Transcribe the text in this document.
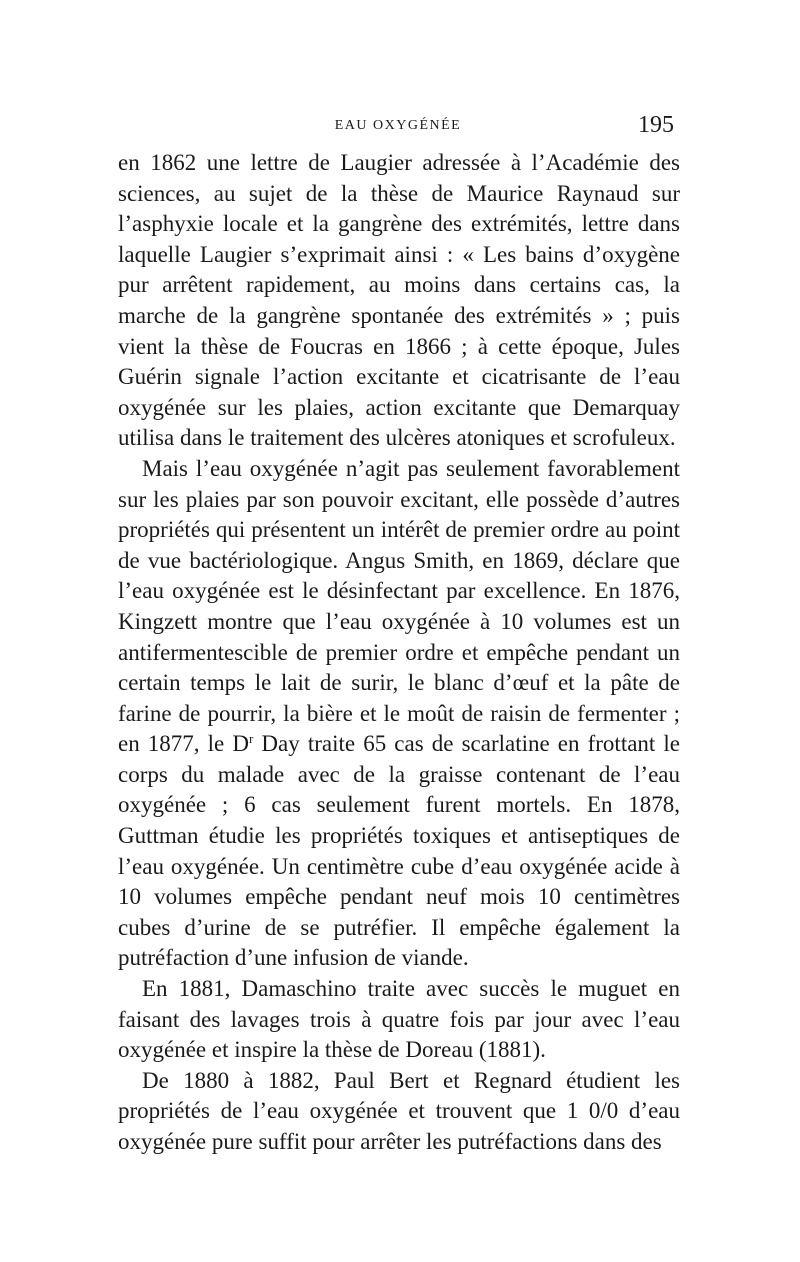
EAU OXYGÉNÉE	195

en 1862 une lettre de Laugier adressée à l’Académie des sciences, au sujet de la thèse de Maurice Raynaud sur l’asphyxie locale et la gangrène des extrémités, lettre dans laquelle Laugier s’exprimait ainsi : « Les bains d’oxygène pur arrêtent rapidement, au moins dans certains cas, la marche de la gangrène spontanée des extrémités » ; puis vient la thèse de Foucras en 1866 ; à cette époque, Jules Guérin signale l’action excitante et cicatrisante de l’eau oxygénée sur les plaies, action excitante que Demarquay utilisa dans le traitement des ulcères atoniques et scrofuleux.

Mais l’eau oxygénée n’agit pas seulement favorablement sur les plaies par son pouvoir excitant, elle possède d’autres propriétés qui présentent un intérêt de premier ordre au point de vue bactériologique. Angus Smith, en 1869, déclare que l’eau oxygénée est le désinfectant par excellence. En 1876, Kingzett montre que l’eau oxygénée à 10 volumes est un antifermentescible de premier ordre et empêche pendant un certain temps le lait de surir, le blanc d’œuf et la pâte de farine de pourrir, la bière et le moût de raisin de fermenter ; en 1877, le $D^r$ Day traite 65 cas de scarlatine en frottant le corps du malade avec de la graisse contenant de l’eau oxygénée ; 6 cas seulement furent mortels. En 1878, Guttman étudie les propriétés toxiques et antiseptiques de l’eau oxygénée. Un centimètre cube d’eau oxygénée acide à 10 volumes empêche pendant neuf mois 10 centimètres cubes d’urine de se putréfier. Il empêche également la putréfaction d’une infusion de viande.

En 1881, Damaschino traite avec succès le muguet en faisant des lavages trois à quatre fois par jour avec l’eau oxygénée et inspire la thèse de Doreau (1881).

De 1880 à 1882, Paul Bert et Regnard étudient les propriétés de l’eau oxygénée et trouvent que 1 0/0 d’eau oxygénée pure suffit pour arrêter les putréfactions dans des
